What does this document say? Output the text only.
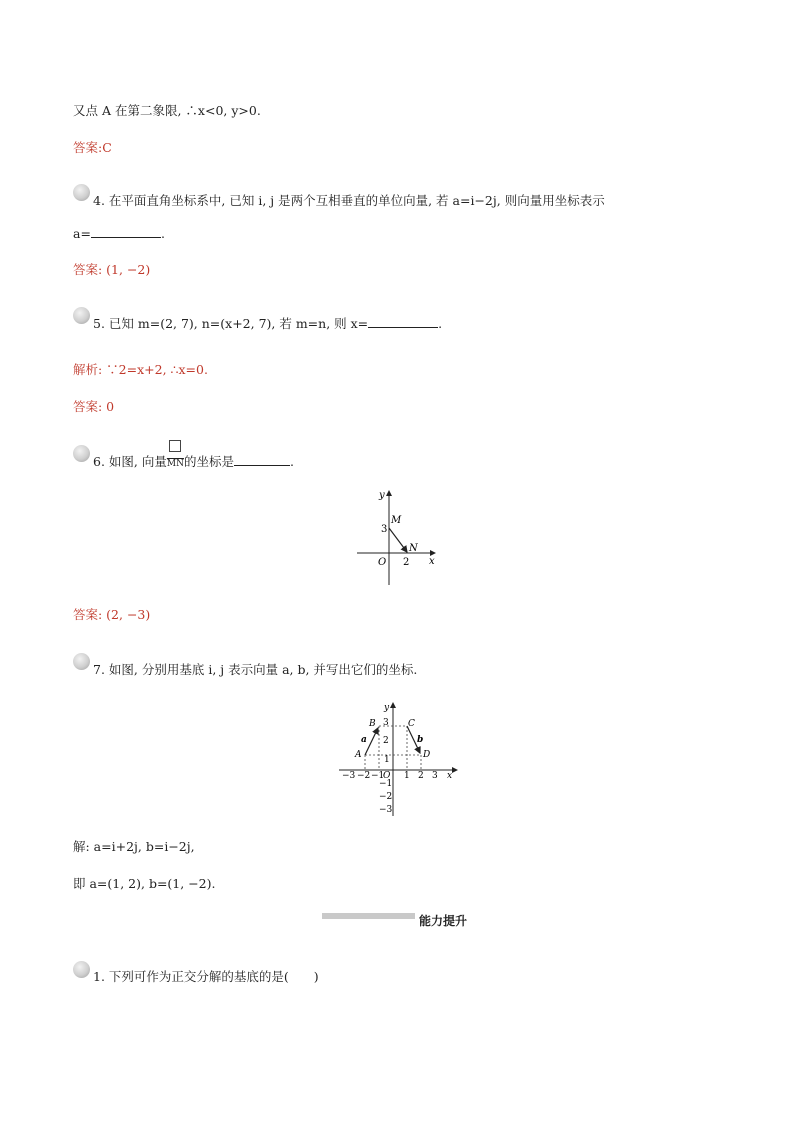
又点 A 在第二象限, ∴x<0, y>0.
答案:C
4. 在平面直角坐标系中, 已知 i, j 是两个互相垂直的单位向量, 若 a=i−2j, 则向量用坐标表示
a=	.
答案: (1, −2)
5. 已知 m=(2, 7), n=(x+2, 7), 若 m=n, 则 x=	.
解析: ∵2=x+2, ∴x=0.
答案: 0
6. 如图, 向量
$\overline{MN}$的坐标是	.
y
x
O
3
2
M
N
答案: (2, −3)
7. 如图, 分别用基底 i, j 表示向量 a, b, 并写出它们的坐标.
y
x
O
−3 −2 −1 1 2 3
3
2
1
−1
−2
−3
A
B	C
D
a	b
解: a=i+2j, b=i−2j,
即 a=(1, 2), b=(1, −2).
能力提升
1. 下列可作为正交分解的基底的是(　　)
